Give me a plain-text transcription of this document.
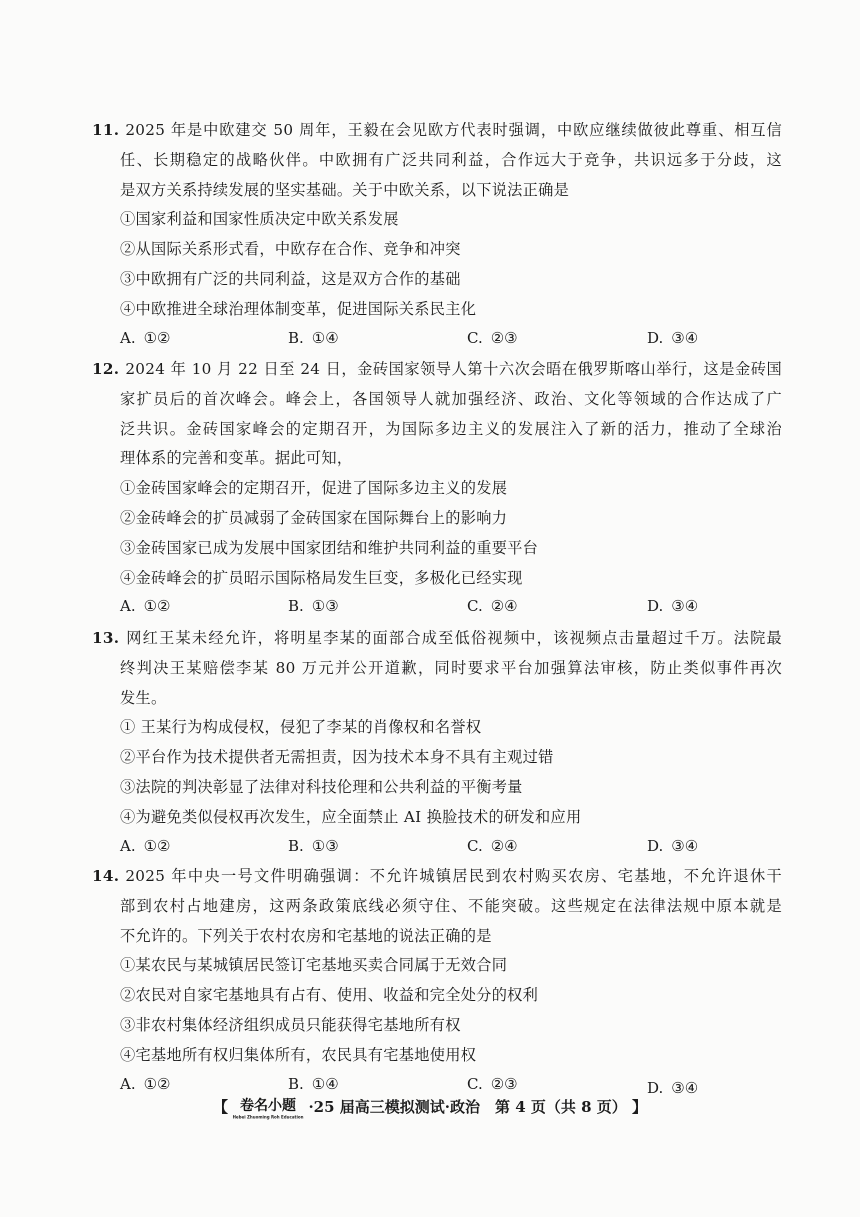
11. 2025 年是中欧建交 50 周年，王毅在会见欧方代表时强调，中欧应继续做彼此尊重、相互信

任、长期稳定的战略伙伴。中欧拥有广泛共同利益，合作远大于竞争，共识远多于分歧，这

是双方关系持续发展的坚实基础。关于中欧关系，以下说法正确是

①国家利益和国家性质决定中欧关系发展

②从国际关系形式看，中欧存在合作、竞争和冲突

③中欧拥有广泛的共同利益，这是双方合作的基础

④中欧推进全球治理体制变革，促进国际关系民主化

A. ①②	B. ①④	C. ②③	D. ③④

12. 2024 年 10 月 22 日至 24 日，金砖国家领导人第十六次会晤在俄罗斯喀山举行，这是金砖国

家扩员后的首次峰会。峰会上，各国领导人就加强经济、政治、文化等领域的合作达成了广

泛共识。金砖国家峰会的定期召开，为国际多边主义的发展注入了新的活力，推动了全球治

理体系的完善和变革。据此可知，

①金砖国家峰会的定期召开，促进了国际多边主义的发展

②金砖峰会的扩员减弱了金砖国家在国际舞台上的影响力

③金砖国家已成为发展中国家团结和维护共同利益的重要平台

④金砖峰会的扩员昭示国际格局发生巨变，多极化已经实现

A. ①②	B. ①③	C. ②④	D. ③④

13. 网红王某未经允许，将明星李某的面部合成至低俗视频中，该视频点击量超过千万。法院最

终判决王某赔偿李某 80 万元并公开道歉，同时要求平台加强算法审核，防止类似事件再次

发生。

① 王某行为构成侵权，侵犯了李某的肖像权和名誉权

②平台作为技术提供者无需担责，因为技术本身不具有主观过错

③法院的判决彰显了法律对科技伦理和公共利益的平衡考量

④为避免类似侵权再次发生，应全面禁止 AI 换脸技术的研发和应用

A. ①②	B. ①③	C. ②④	D. ③④

14. 2025 年中央一号文件明确强调：不允许城镇居民到农村购买农房、宅基地，不允许退休干

部到农村占地建房，这两条政策底线必须守住、不能突破。这些规定在法律法规中原本就是

不允许的。下列关于农村农房和宅基地的说法正确的是

①某农民与某城镇居民签订宅基地买卖合同属于无效合同

②农民对自家宅基地具有占有、使用、收益和完全处分的权利

③非农村集体经济组织成员只能获得宅基地所有权

④宅基地所有权归集体所有，农民具有宅基地使用权

A. ①②	B. ①④	C. ②③	D. ③④
【 卷名小题
Hebei Zhuoming Roh Education
·25 届高三模拟测试·政治　第 4 页（共 8 页） 】
